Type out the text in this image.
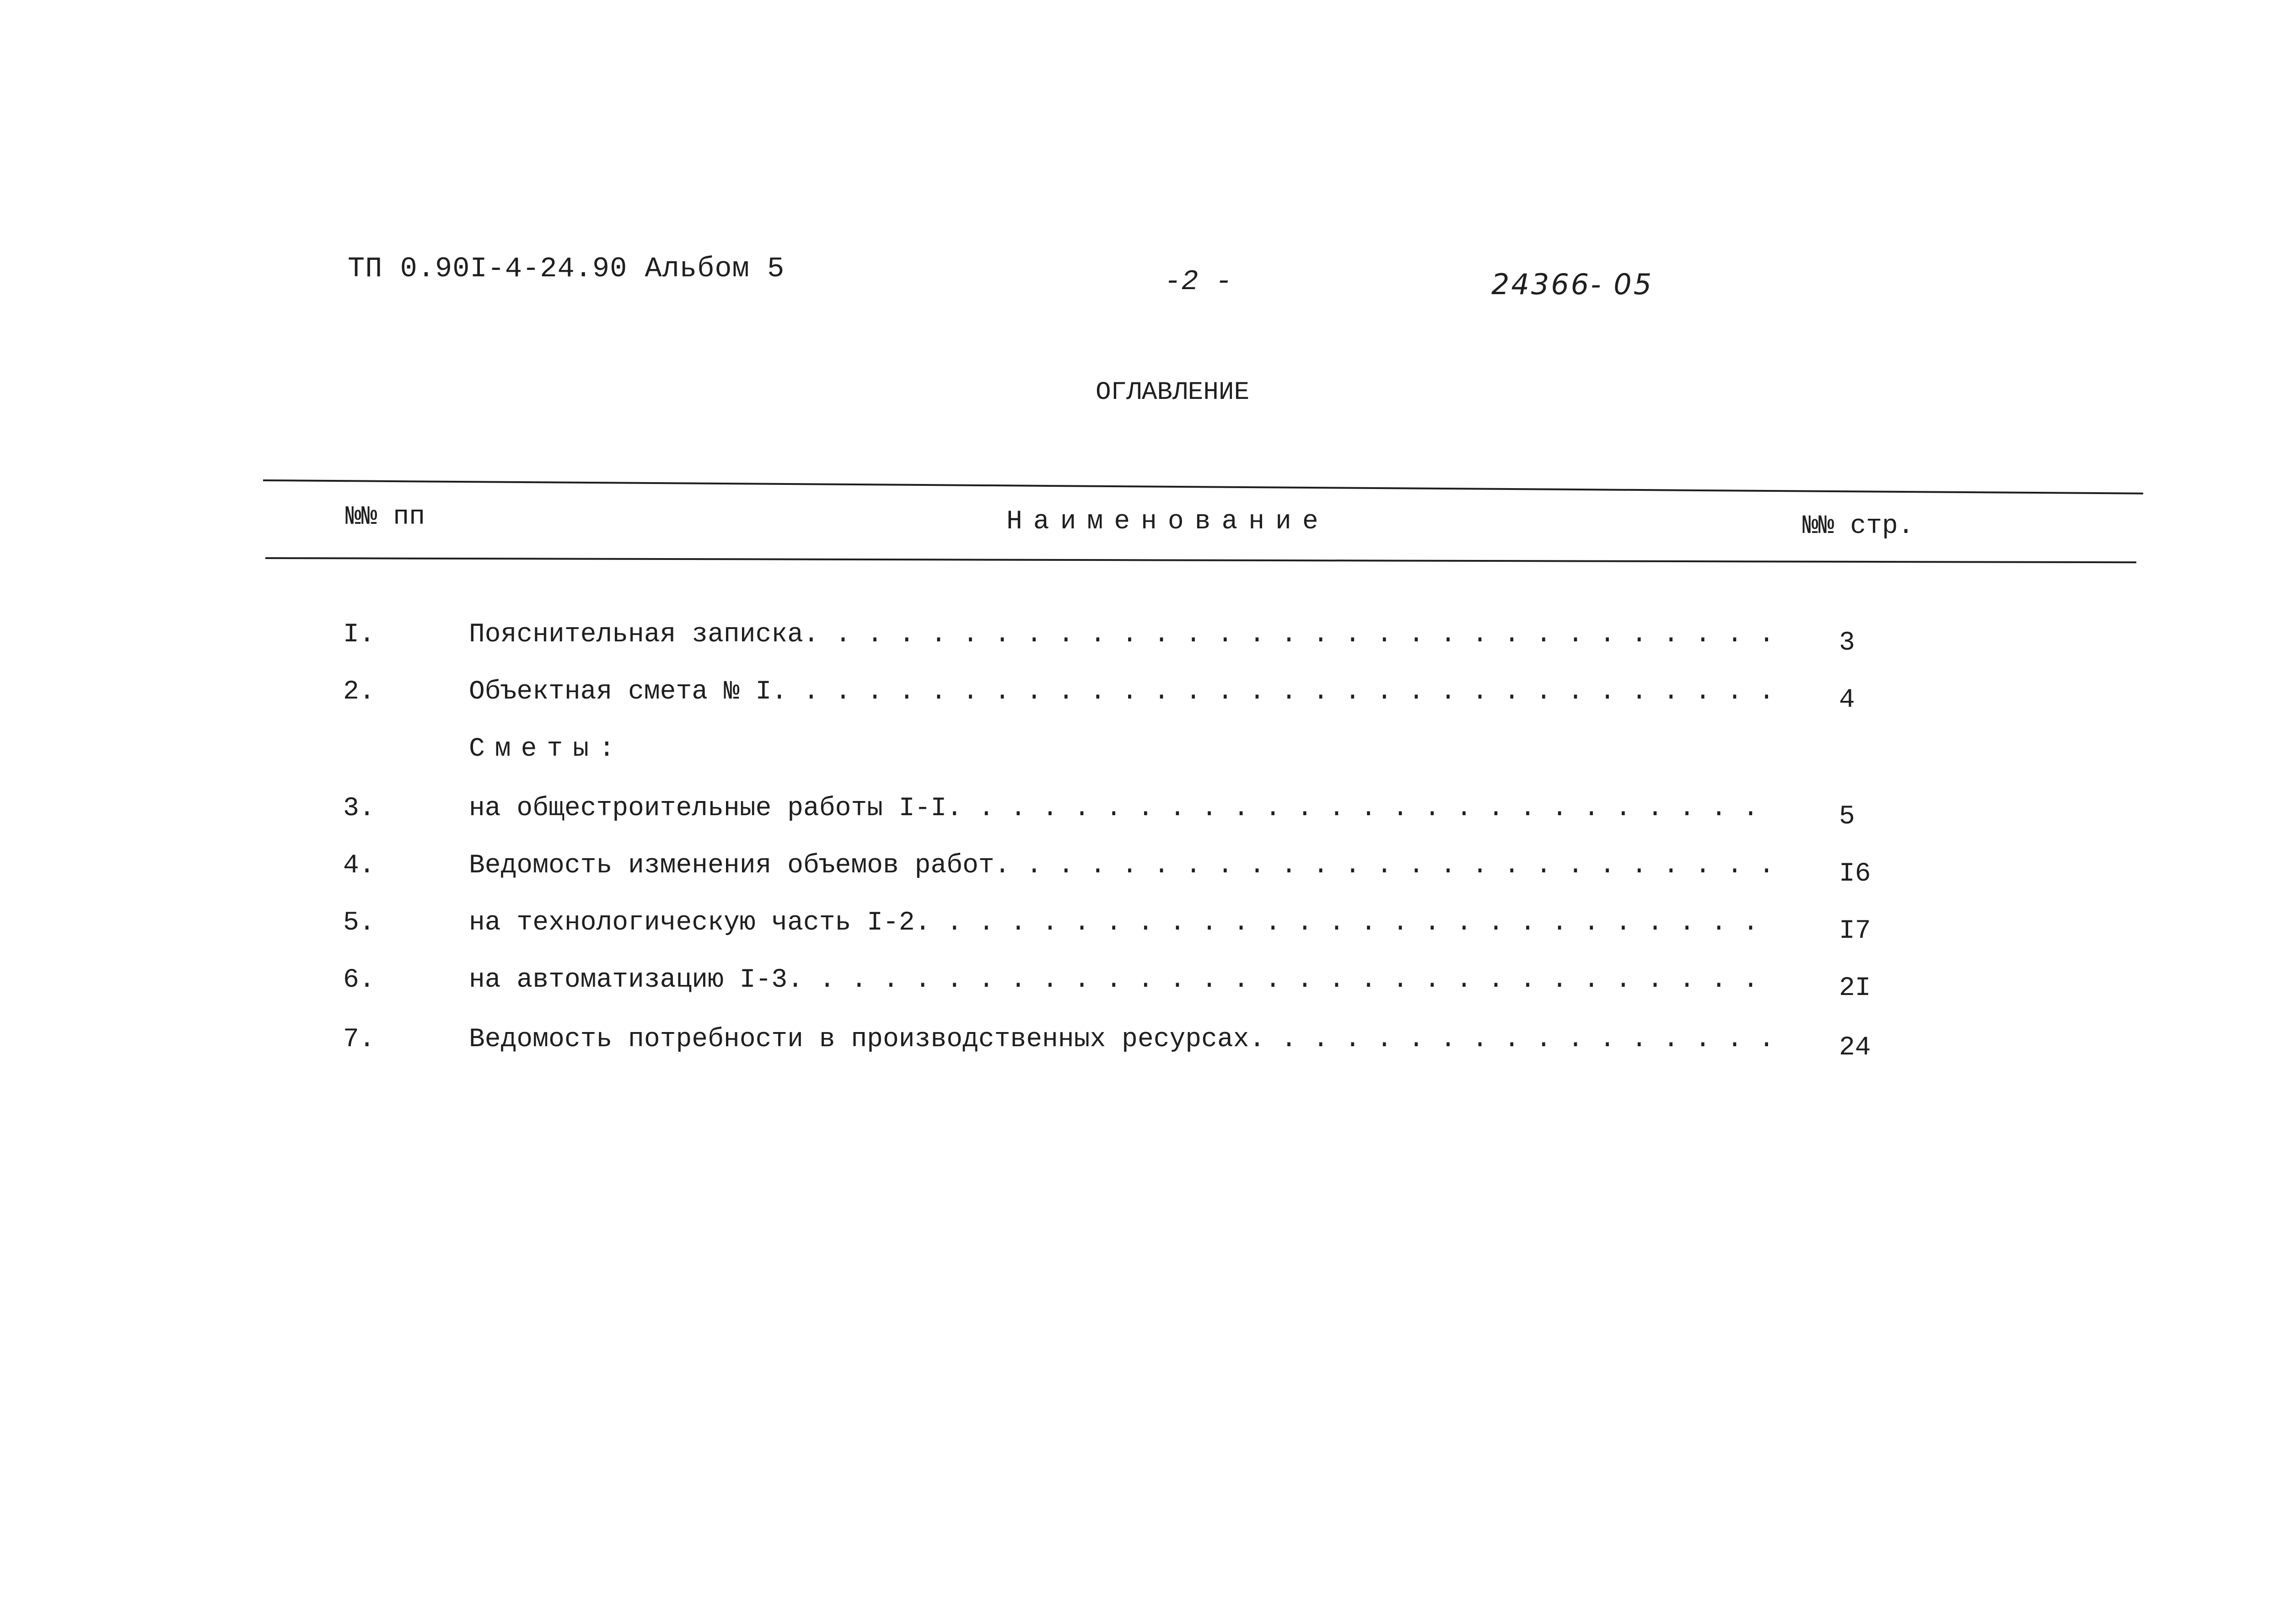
ТП 0.90I-4-24.90 Альбом 5	-2 -	24366- 05
ОГЛАВЛЕНИЕ
№№ пп	Наименование	№№ стр.
I.	Пояснительная записка . . .	3
2.	Объектная смета № I . . .	4
Сметы:
3.	на общестроительные работы I-I . . .	5
4.	Ведомость изменения объемов работ . . .	I6
5.	на технологическую часть I-2 . . .	I7
6.	на автоматизацию I-3 . . .	2I
7.	Ведомость потребности в производственных ресурсах . . .	24
